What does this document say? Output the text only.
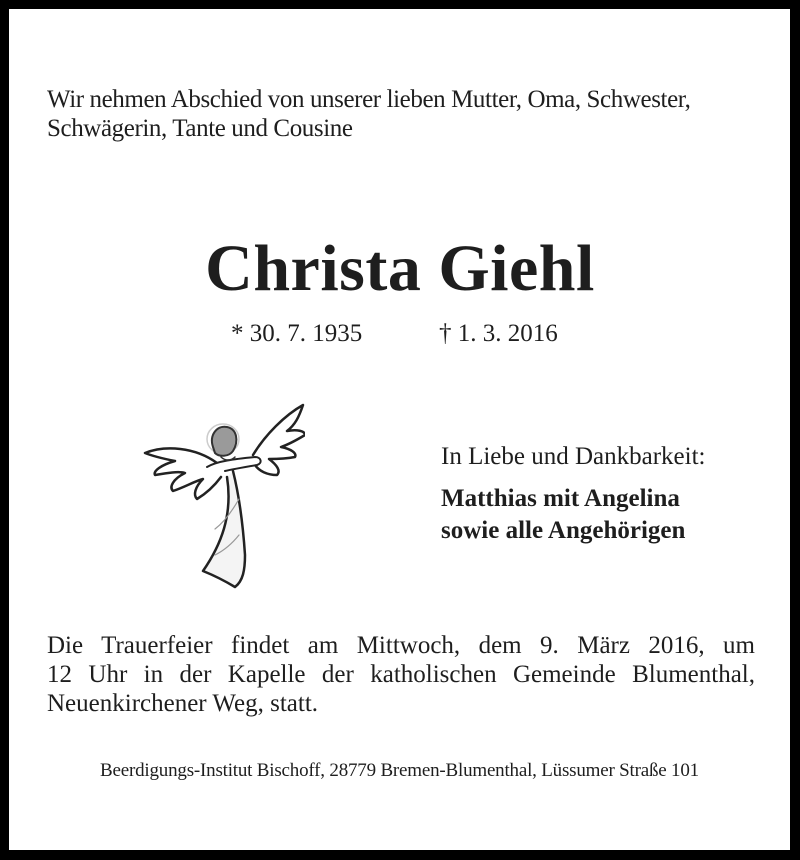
Wir nehmen Abschied von unserer lieben Mutter, Oma, Schwester, Schwägerin, Tante und Cousine
Christa Giehl
* 30. 7. 1935	† 1. 3. 2016
In Liebe und Dankbarkeit:
Matthias mit Angelina
sowie alle Angehörigen
Die Trauerfeier findet am Mittwoch, dem 9. März 2016, um
12 Uhr in der Kapelle der katholischen Gemeinde Blumenthal,
Neuenkirchener Weg, statt.
Beerdigungs-Institut Bischoff, 28779 Bremen-Blumenthal, Lüssumer Straße 101
